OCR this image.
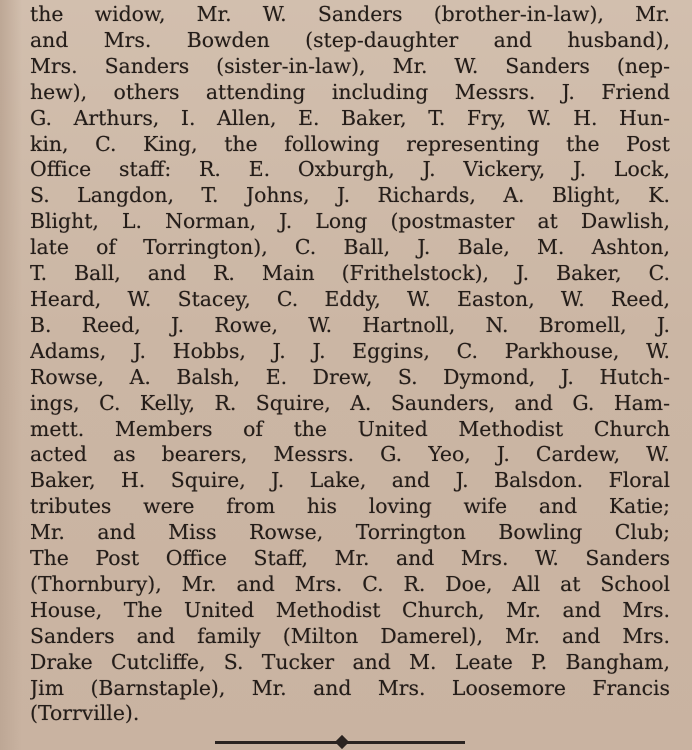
the widow, Mr. W. Sanders (brother-in-law), Mr.
and Mrs. Bowden (step-daughter and husband),
Mrs. Sanders (sister-in-law), Mr. W. Sanders (nep-
hew), others attending including Messrs. J. Friend
G. Arthurs, I. Allen, E. Baker, T. Fry, W. H. Hun-
kin, C. King, the following representing the Post
Office staff: R. E. Oxburgh, J. Vickery, J. Lock,
S. Langdon, T. Johns, J. Richards, A. Blight, K.
Blight, L. Norman, J. Long (postmaster at Dawlish,
late of Torrington), C. Ball, J. Bale, M. Ashton,
T. Ball, and R. Main (Frithelstock), J. Baker, C.
Heard, W. Stacey, C. Eddy, W. Easton, W. Reed,
B. Reed, J. Rowe, W. Hartnoll, N. Bromell, J.
Adams, J. Hobbs, J. J. Eggins, C. Parkhouse, W.
Rowse, A. Balsh, E. Drew, S. Dymond, J. Hutch-
ings, C. Kelly, R. Squire, A. Saunders, and G. Ham-
mett. Members of the United Methodist Church
acted as bearers, Messrs. G. Yeo, J. Cardew, W.
Baker, H. Squire, J. Lake, and J. Balsdon. Floral
tributes were from his loving wife and Katie;
Mr. and Miss Rowse, Torrington Bowling Club;
The Post Office Staff, Mr. and Mrs. W. Sanders
(Thornbury), Mr. and Mrs. C. R. Doe, All at School
House, The United Methodist Church, Mr. and Mrs.
Sanders and family (Milton Damerel), Mr. and Mrs.
Drake Cutcliffe, S. Tucker and M. Leate P. Bangham,
Jim (Barnstaple), Mr. and Mrs. Loosemore Francis
(Torrville).
